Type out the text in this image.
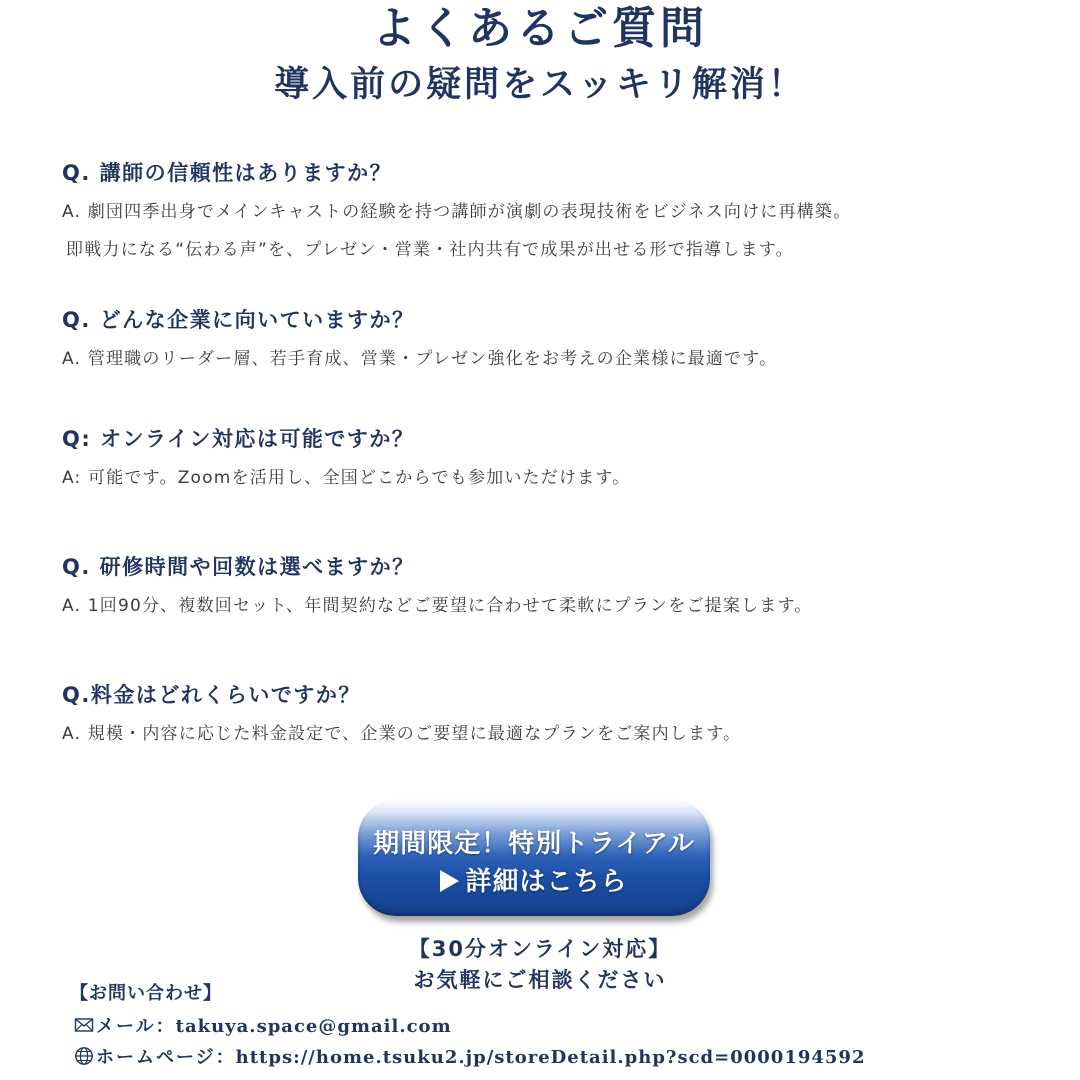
よくあるご質問
導入前の疑問をスッキリ解消！

Q. 講師の信頼性はありますか？

A. 劇団四季出身でメインキャストの経験を持つ講師が演劇の表現技術をビジネス向けに再構築。
即戦力になる“伝わる声”を、プレゼン・営業・社内共有で成果が出せる形で指導します。

Q. どんな企業に向いていますか？

A. 管理職のリーダー層、若手育成、営業・プレゼン強化をお考えの企業様に最適です。

Q: オンライン対応は可能ですか？

A: 可能です。Zoomを活用し、全国どこからでも参加いただけます。

Q. 研修時間や回数は選べますか？

A. 1回90分、複数回セット、年間契約などご要望に合わせて柔軟にプランをご提案します。

Q.料金はどれくらいですか？

A. 規模・内容に応じた料金設定で、企業のご要望に最適なプランをご案内します。

期間限定！特別トライアル
詳細はこちら
【30分オンライン対応】
お気軽にご相談ください

【お問い合わせ】

メール：takuya.space@gmail.com
ホームページ：https://home.tsuku2.jp/storeDetail.php?scd=0000194592
